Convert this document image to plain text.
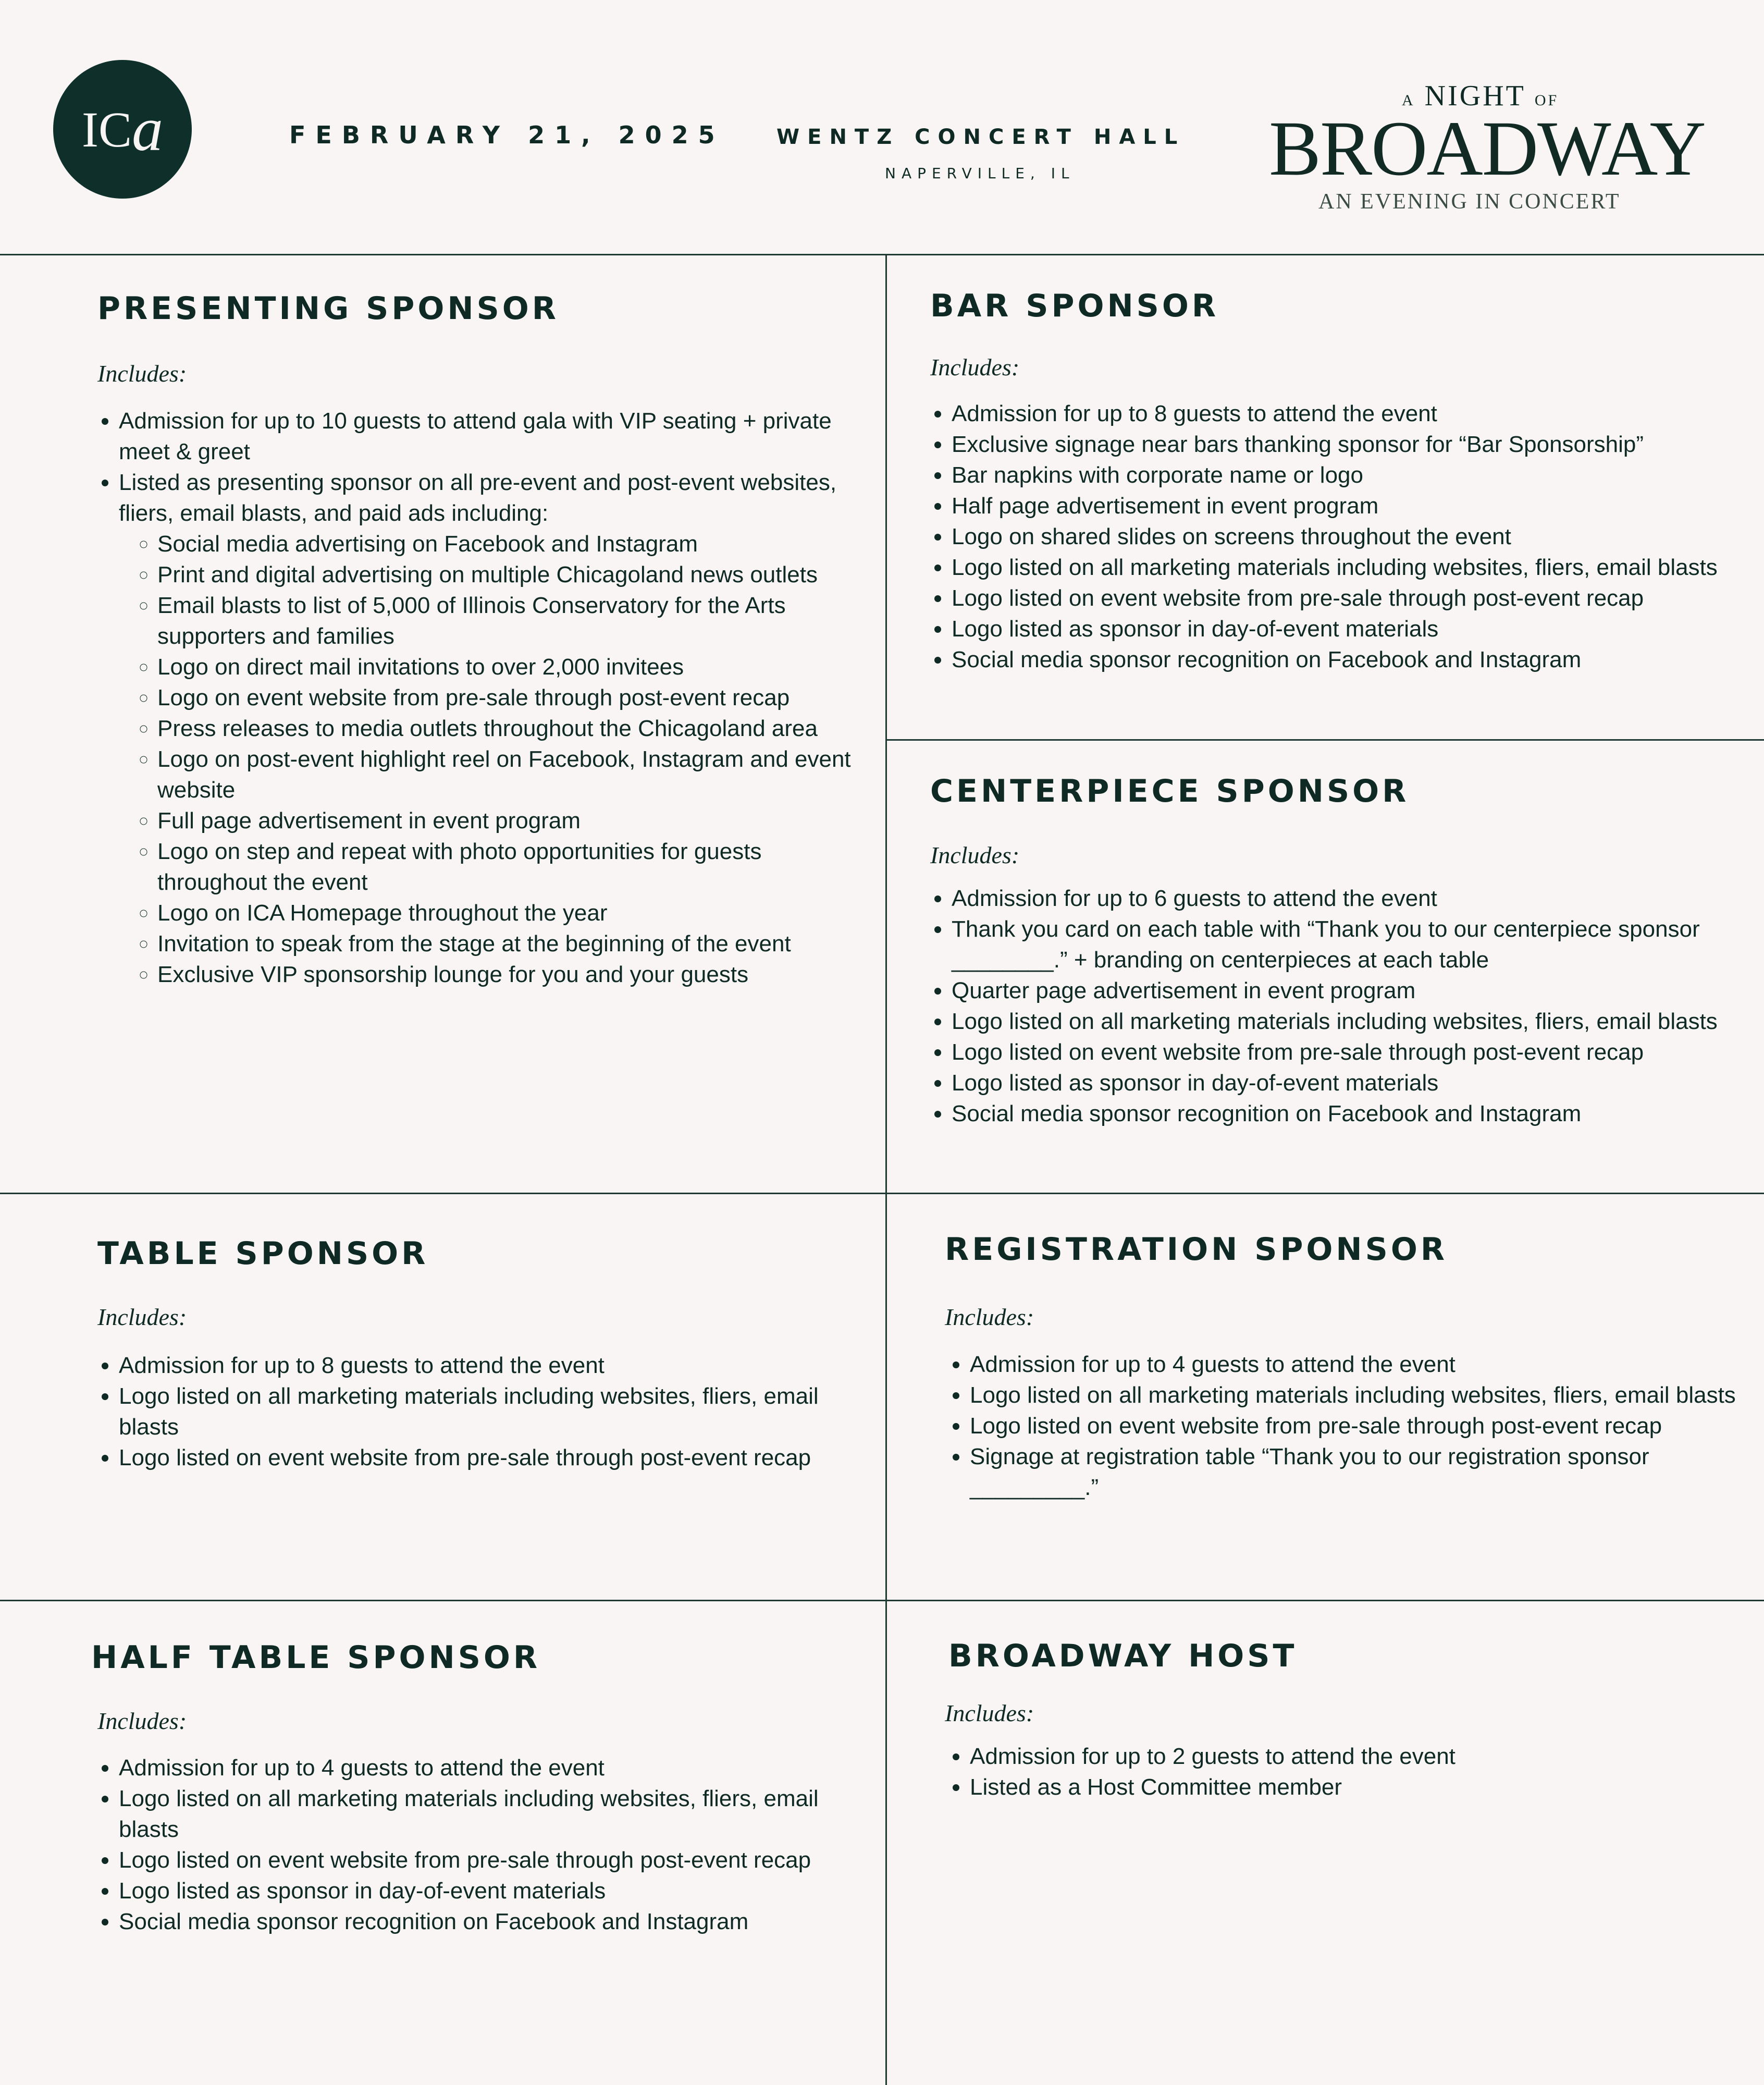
IC a	FEBRUARY 21, 2025 WENTZ CONCERT HALL
NAPERVILLE, IL
A NIGHT OF
BROADWAY
AN EVENING IN CONCERT
PRESENTING SPONSOR
Includes:
• Admission for up to 10 guests to attend gala with VIP seating + private meet & greet
• Listed as presenting sponsor on all pre-event and post-event websites, fliers, email blasts, and paid ads including:
◦ Social media advertising on Facebook and Instagram
◦ Print and digital advertising on multiple Chicagoland news outlets
◦ Email blasts to list of 5,000 of Illinois Conservatory for the Arts supporters and families
◦ Logo on direct mail invitations to over 2,000 invitees
◦ Logo on event website from pre-sale through post-event recap
◦ Press releases to media outlets throughout the Chicagoland area
◦ Logo on post-event highlight reel on Facebook, Instagram and event website
◦ Full page advertisement in event program
◦ Logo on step and repeat with photo opportunities for guests throughout the event
◦ Logo on ICA Homepage throughout the year
◦ Invitation to speak from the stage at the beginning of the event
◦ Exclusive VIP sponsorship lounge for you and your guests
BAR SPONSOR
Includes:
• Admission for up to 8 guests to attend the event
• Exclusive signage near bars thanking sponsor for “Bar Sponsorship”
• Bar napkins with corporate name or logo
• Half page advertisement in event program
• Logo on shared slides on screens throughout the event
• Logo listed on all marketing materials including websites, fliers, email blasts
• Logo listed on event website from pre-sale through post-event recap
• Logo listed as sponsor in day-of-event materials
• Social media sponsor recognition on Facebook and Instagram
CENTERPIECE SPONSOR
Includes:
• Admission for up to 6 guests to attend the event
• Thank you card on each table with “Thank you to our centerpiece sponsor ________.” + branding on centerpieces at each table
• Quarter page advertisement in event program
• Logo listed on all marketing materials including websites, fliers, email blasts
• Logo listed on event website from pre-sale through post-event recap
• Logo listed as sponsor in day-of-event materials
• Social media sponsor recognition on Facebook and Instagram
TABLE SPONSOR
Includes:
• Admission for up to 8 guests to attend the event
• Logo listed on all marketing materials including websites, fliers, email blasts
• Logo listed on event website from pre-sale through post-event recap
REGISTRATION SPONSOR
Includes:
• Admission for up to 4 guests to attend the event
• Logo listed on all marketing materials including websites, fliers, email blasts
• Logo listed on event website from pre-sale through post-event recap
• Signage at registration table “Thank you to our registration sponsor _________.”
HALF TABLE SPONSOR
Includes:
• Admission for up to 4 guests to attend the event
• Logo listed on all marketing materials including websites, fliers, email blasts
• Logo listed on event website from pre-sale through post-event recap
• Logo listed as sponsor in day-of-event materials
• Social media sponsor recognition on Facebook and Instagram
BROADWAY HOST
Includes:
• Admission for up to 2 guests to attend the event
• Listed as a Host Committee member
